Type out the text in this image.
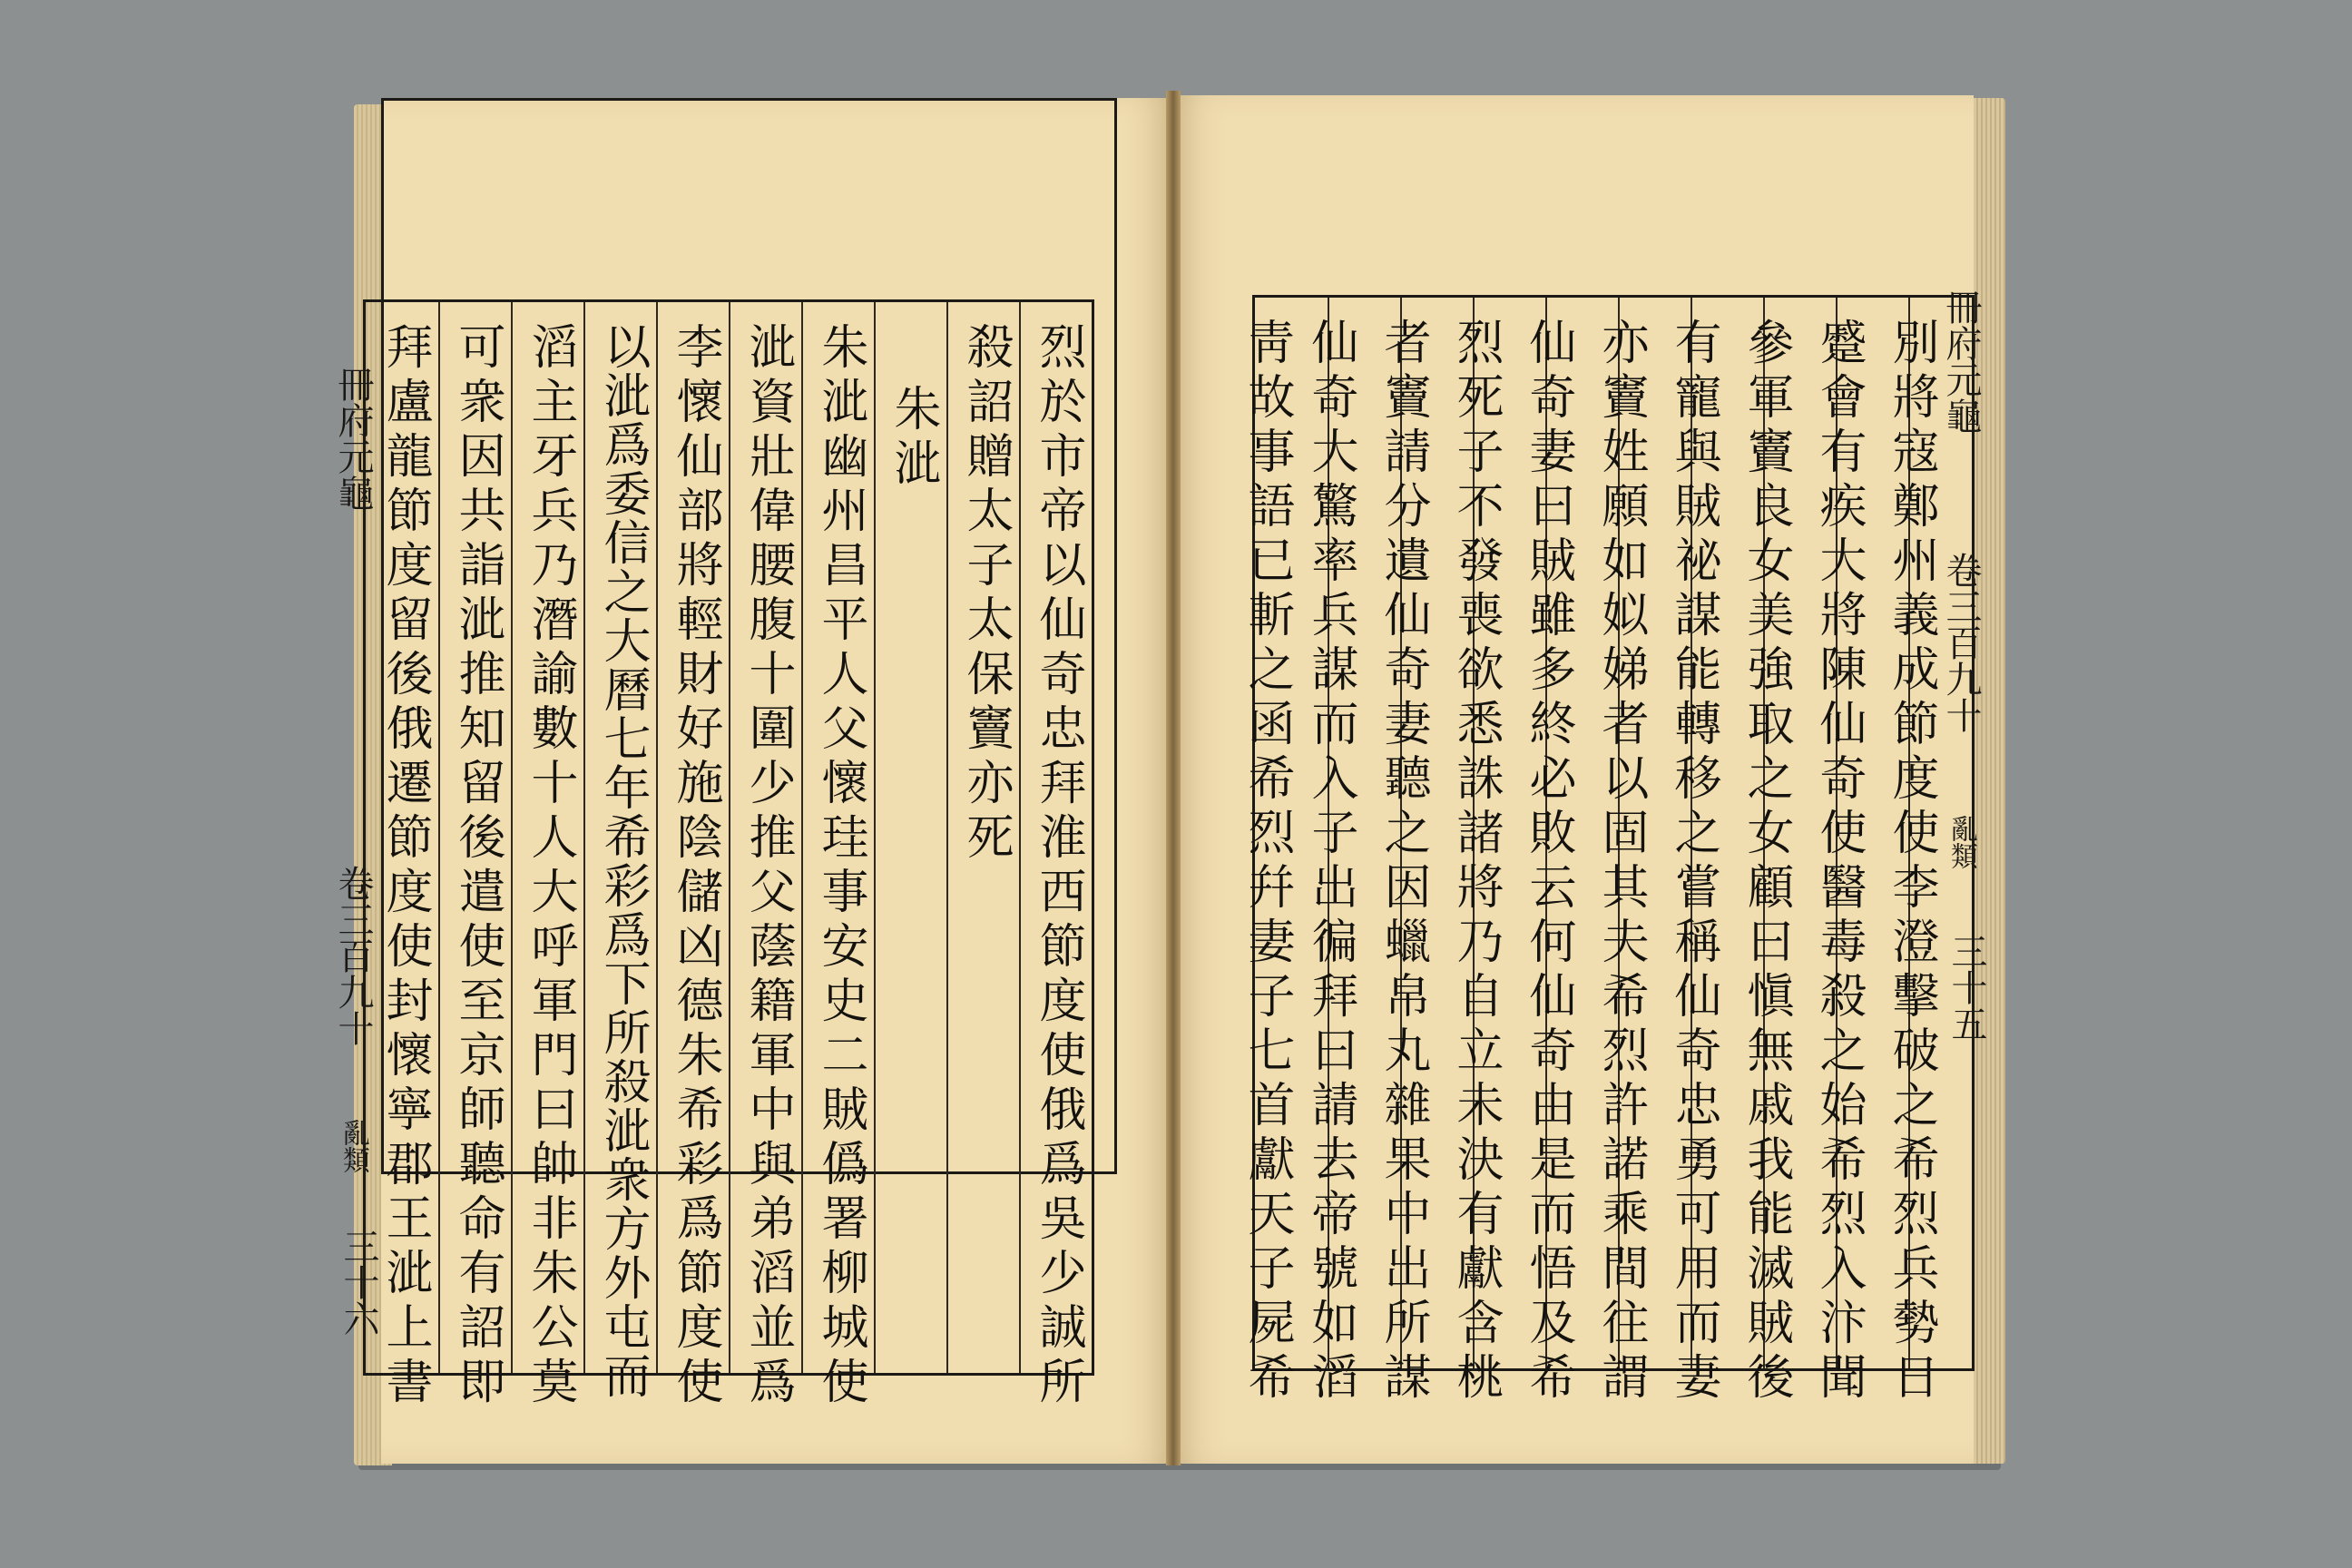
冊府元龜
卷三百九十
亂類
三十六	烈於市帝以仙奇忠拜淮西節度使俄爲吳少誠所
殺詔贈太子太保竇亦死
朱泚
朱泚幽州昌平人父懷珪事安史二賊僞署柳城使
泚資壯偉腰腹十圍少推父蔭籍軍中與弟滔並爲
李懷仙部將輕財好施陰儲凶德朱希彩爲節度使
以泚爲委信之大曆七年希彩爲下所殺泚衆方外屯而
滔主牙兵乃潛諭數十人大呼軍門曰帥非朱公莫
可衆因共詣泚推知留後遣使至京師聽命有詔即
拜盧龍節度留後俄遷節度使封懷寧郡王泚上書	冊府元龜
卷三百九十
亂類
三十五
別將寇鄭州義成節度使李澄擊破之希烈兵勢日
蹙會有疾大將陳仙奇使醫毒殺之始希烈入汴聞
參軍竇良女美強取之女顧曰愼無戚我能滅賊後
有寵與賊祕謀能轉移之嘗稱仙奇忠勇可用而妻
亦竇姓願如姒娣者以固其夫希烈許諾乘間往謂
仙奇妻曰賊雖多終必敗云何仙奇由是而悟及希
烈死子不發喪欲悉誅諸將乃自立未決有獻含桃
者竇請分遺仙奇妻聽之因蠟帛丸雜果中出所謀
仙奇大驚率兵謀而入子出徧拜曰請去帝號如滔
靑故事語已斬之函希烈幷妻子七首獻天子屍希
